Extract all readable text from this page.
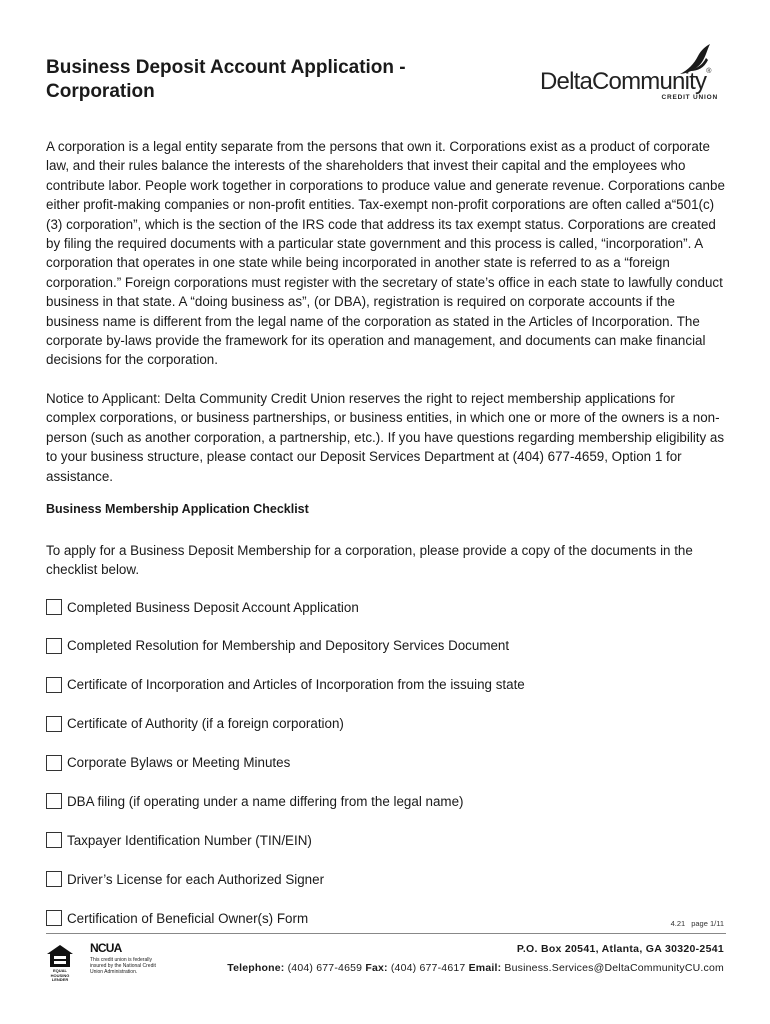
Business Deposit Account Application - Corporation	DeltaCommunity®
CREDIT UNION

A corporation is a legal entity separate from the persons that own it. Corporations exist as a product of corporate law, and their rules balance the interests of the shareholders that invest their capital and the employees who contribute labor. People work together in corporations to produce value and generate revenue. Corporations canbe either profit-making companies or non-profit entities. Tax-exempt non-profit corporations are often called a“501(c)(3) corporation”, which is the section of the IRS code that address its tax exempt status. Corporations are created by filing the required documents with a particular state government and this process is called, “incorporation”. A corporation that operates in one state while being incorporated in another state is referred to as a “foreign corporation.” Foreign corporations must register with the secretary of state’s office in each state to lawfully conduct business in that state. A “doing business as”, (or DBA), registration is required on corporate accounts if the business name is different from the legal name of the corporation as stated in the Articles of Incorporation. The corporate by-laws provide the framework for its operation and management, and documents can make financial decisions for the corporation.

Notice to Applicant: Delta Community Credit Union reserves the right to reject membership applications for complex corporations, or business partnerships, or business entities, in which one or more of the owners is a non-person (such as another corporation, a partnership, etc.). If you have questions regarding membership eligibility as to your business structure, please contact our Deposit Services Department at (404) 677-4659, Option 1 for assistance.

Business Membership Application Checklist

To apply for a Business Deposit Membership for a corporation, please provide a copy of the documents in the checklist below.

Completed Business Deposit Account Application
Completed Resolution for Membership and Depository Services Document
Certificate of Incorporation and Articles of Incorporation from the issuing state
Certificate of Authority (if a foreign corporation)
Corporate Bylaws or Meeting Minutes
DBA filing (if operating under a name differing from the legal name)
Taxpayer Identification Number (TIN/EIN)
Driver’s License for each Authorized Signer
Certification of Beneficial Owner(s) Form	4.21 page 1/11
EQUAL HOUSING LENDER
NCUA
This credit union is federally insured by the National Credit Union Administration.
P.O. Box 20541, Atlanta, GA 30320-2541
Telephone: (404) 677-4659 Fax: (404) 677-4617 Email: Business.Services@DeltaCommunityCU.com
